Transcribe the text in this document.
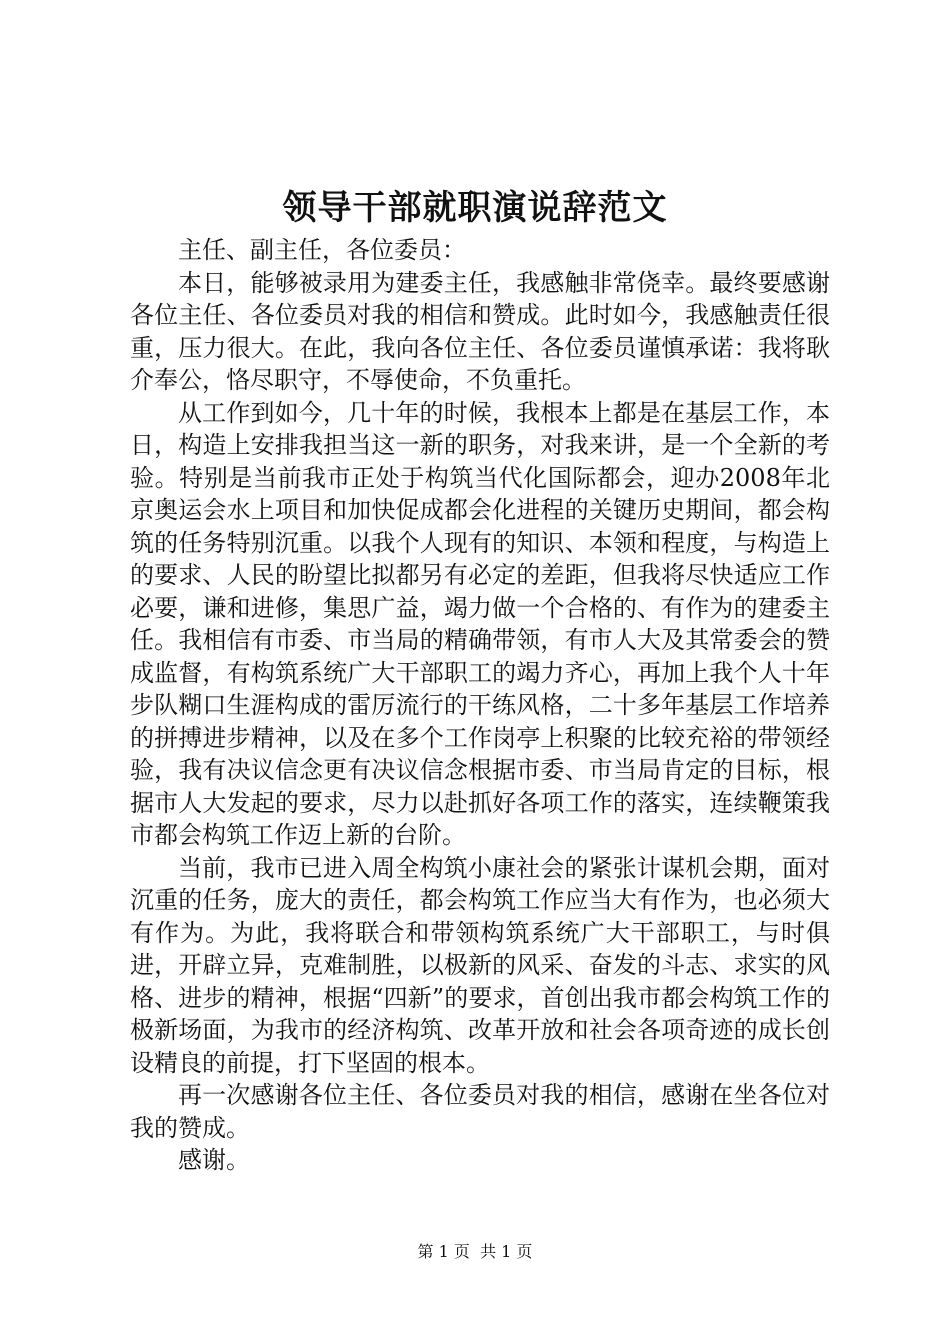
领导干部就职演说辞范文

主任、副主任，各位委员：

本日，能够被录用为建委主任，我感触非常侥幸。最终要感谢各位主任、各位委员对我的相信和赞成。此时如今，我感触责任很重，压力很大。在此，我向各位主任、各位委员谨慎承诺：我将耿介奉公，恪尽职守，不辱使命，不负重托。

从工作到如今，几十年的时候，我根本上都是在基层工作，本日，构造上安排我担当这一新的职务，对我来讲，是一个全新的考验。特别是当前我市正处于构筑当代化国际都会，迎办2008年北京奥运会水上项目和加快促成都会化进程的关键历史期间，都会构筑的任务特别沉重。以我个人现有的知识、本领和程度，与构造上的要求、人民的盼望比拟都另有必定的差距，但我将尽快适应工作必要，谦和进修，集思广益，竭力做一个合格的、有作为的建委主任。我相信有市委、市当局的精确带领，有市人大及其常委会的赞成监督，有构筑系统广大干部职工的竭力齐心，再加上我个人十年步队糊口生涯构成的雷厉流行的干练风格，二十多年基层工作培养的拼搏进步精神，以及在多个工作岗亭上积聚的比较充裕的带领经验，我有决议信念更有决议信念根据市委、市当局肯定的目标，根据市人大发起的要求，尽力以赴抓好各项工作的落实，连续鞭策我市都会构筑工作迈上新的台阶。

当前，我市已进入周全构筑小康社会的紧张计谋机会期，面对沉重的任务，庞大的责任，都会构筑工作应当大有作为，也必须大有作为。为此，我将联合和带领构筑系统广大干部职工，与时俱进，开辟立异，克难制胜，以极新的风采、奋发的斗志、求实的风格、进步的精神，根据“四新”的要求，首创出我市都会构筑工作的极新场面，为我市的经济构筑、改革开放和社会各项奇迹的成长创设精良的前提，打下坚固的根本。

再一次感谢各位主任、各位委员对我的相信，感谢在坐各位对我的赞成。

感谢。

第 1 页  共 1 页
